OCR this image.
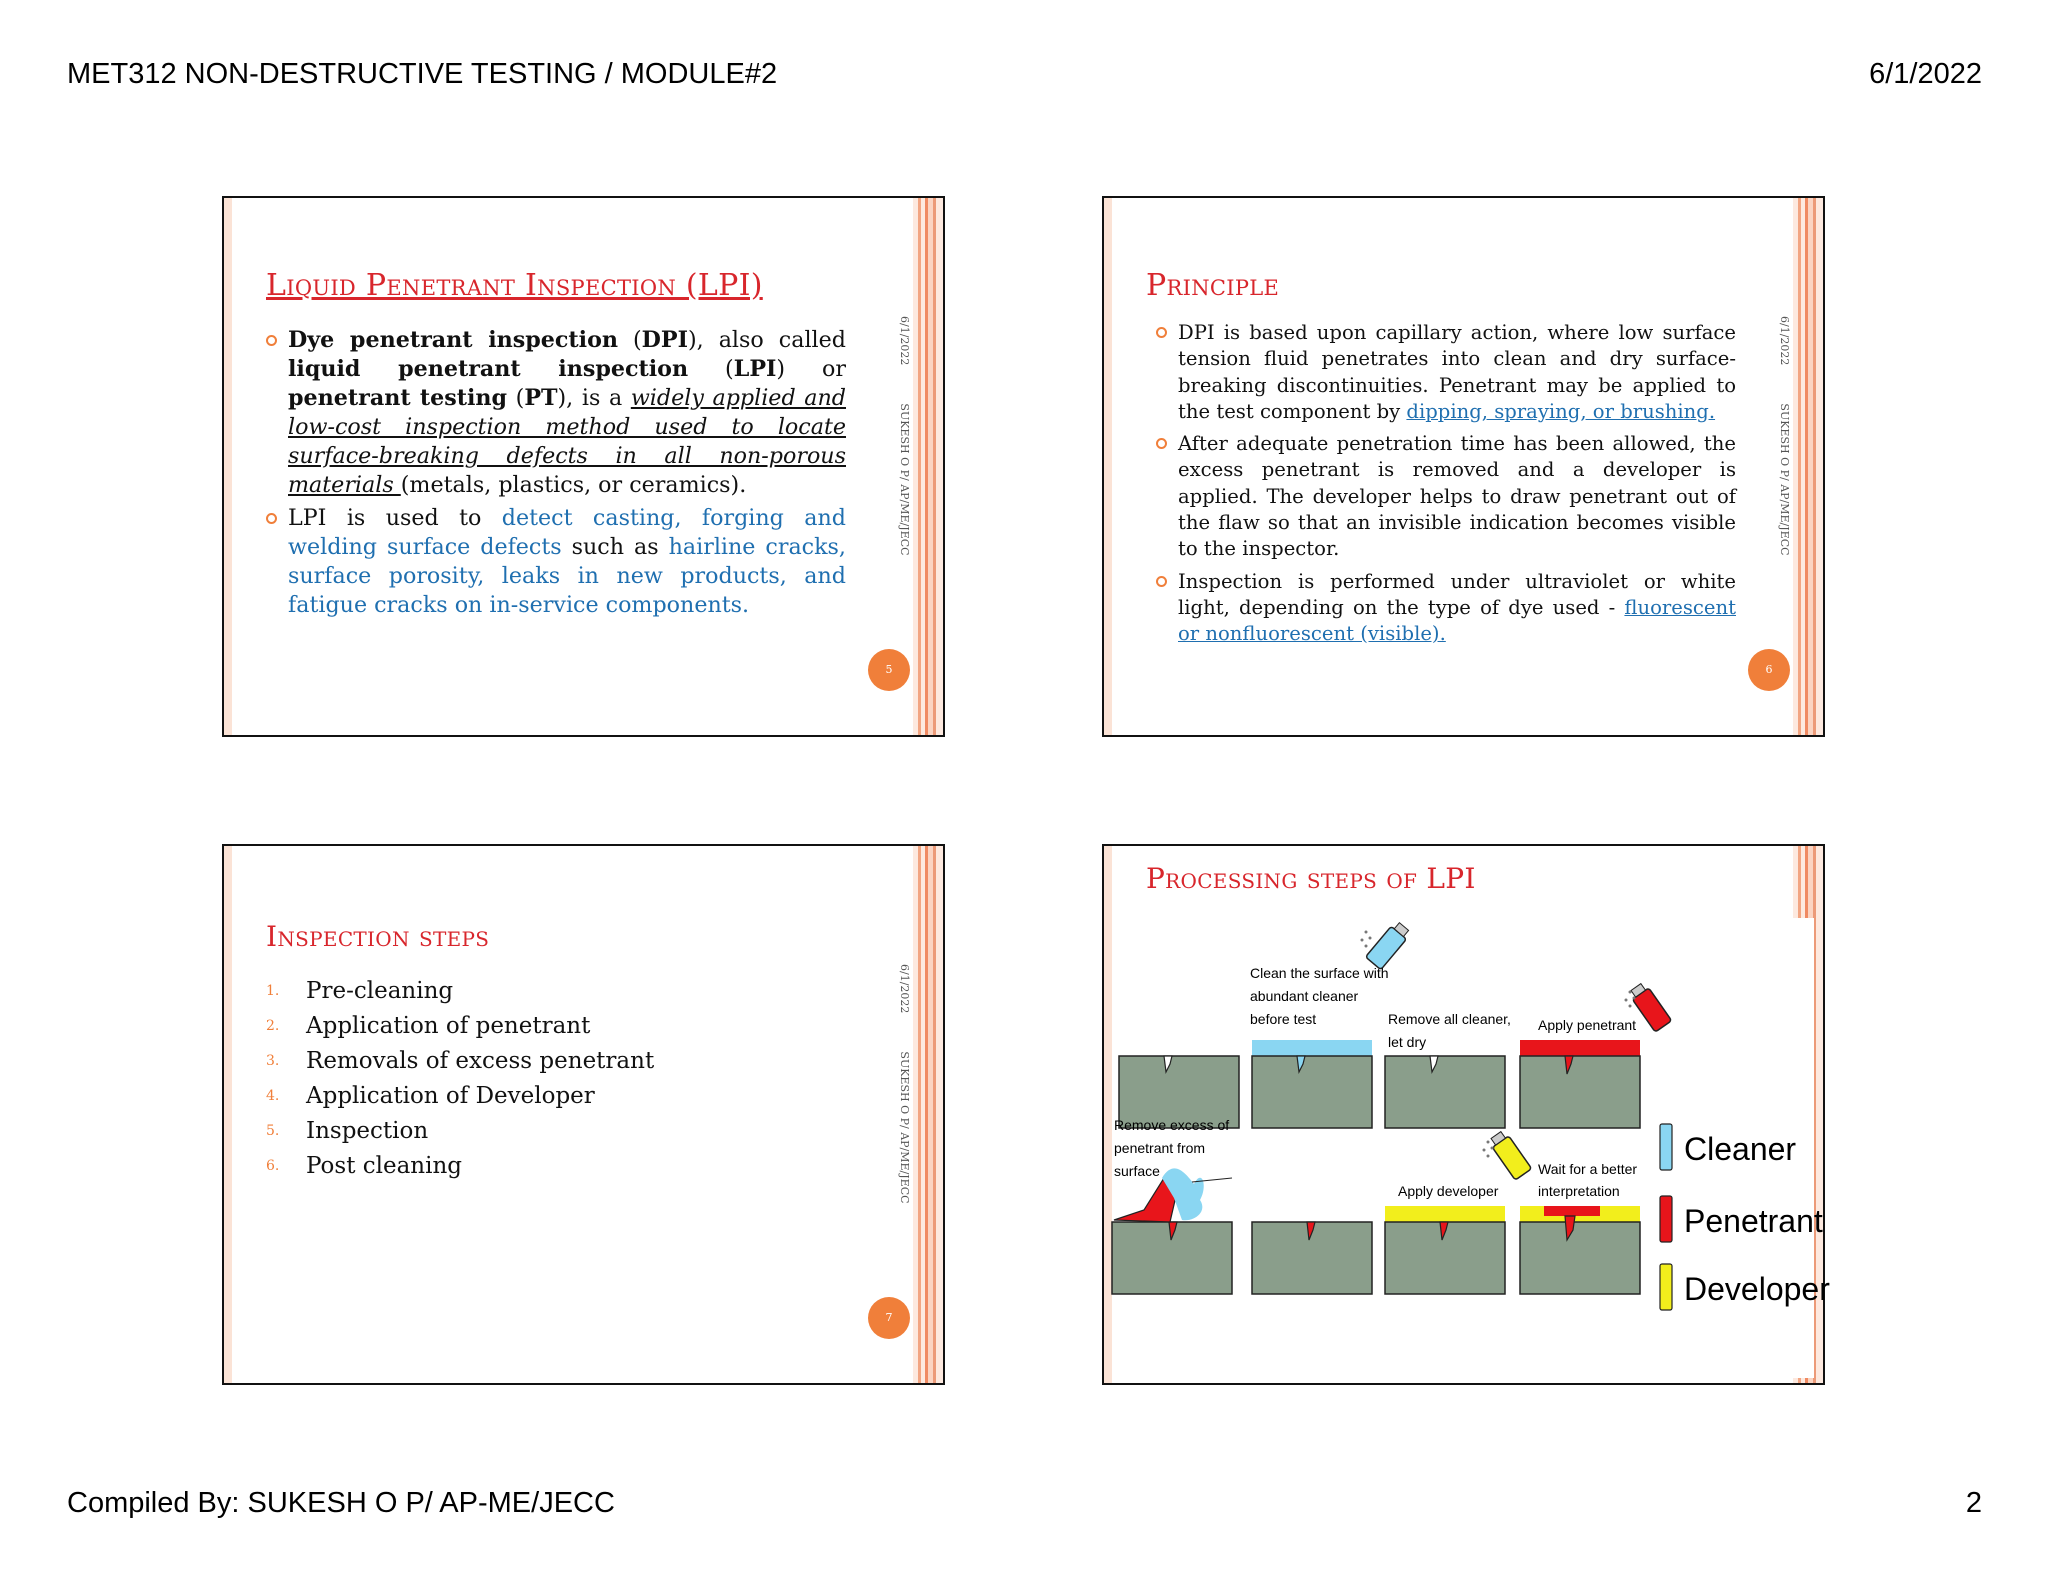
MET312 NON-DESTRUCTIVE TESTING / MODULE#2	6/1/2022
6/1/2022SUKESH O P/ AP/ME/JECC
Liquid Penetrant Inspection (LPI)
Dye penetrant inspection (DPI), also called liquid penetrant inspection (LPI) or penetrant testing (PT), is a widely applied and low-cost inspection method used to locate surface-breaking defects in all non-porous materials (metals, plastics, or ceramics).
LPI is used to detect casting, forging and welding surface defects such as hairline cracks, surface porosity, leaks in new products, and fatigue cracks on in-service components.
5
6/1/2022SUKESH O P/ AP/ME/JECC
Principle
DPI is based upon capillary action, where low surface tension fluid penetrates into clean and dry surface-breaking discontinuities. Penetrant may be applied to the test component by dipping, spraying, or brushing.
After adequate penetration time has been allowed, the excess penetrant is removed and a developer is applied. The developer helps to draw penetrant out of the flaw so that an invisible indication becomes visible to the inspector.
Inspection is performed under ultraviolet or white light, depending on the type of dye used - fluorescent or nonfluorescent (visible).
6
6/1/2022SUKESH O P/ AP/ME/JECC
Inspection steps
1. Pre-cleaning
2. Application of penetrant
3. Removals of excess penetrant
4. Application of Developer
5. Inspection
6. Post cleaning
7
Processing steps of LPI
Clean the surface with
abundant cleaner
before test	Remove all cleaner,
let dry
Apply penetrant
Remove excess of
penetrant from
surface
Apply developer
Wait for a better
interpretation
Cleaner
Penetrant
Developer
Compiled By: SUKESH O P/ AP-ME/JECC	2
